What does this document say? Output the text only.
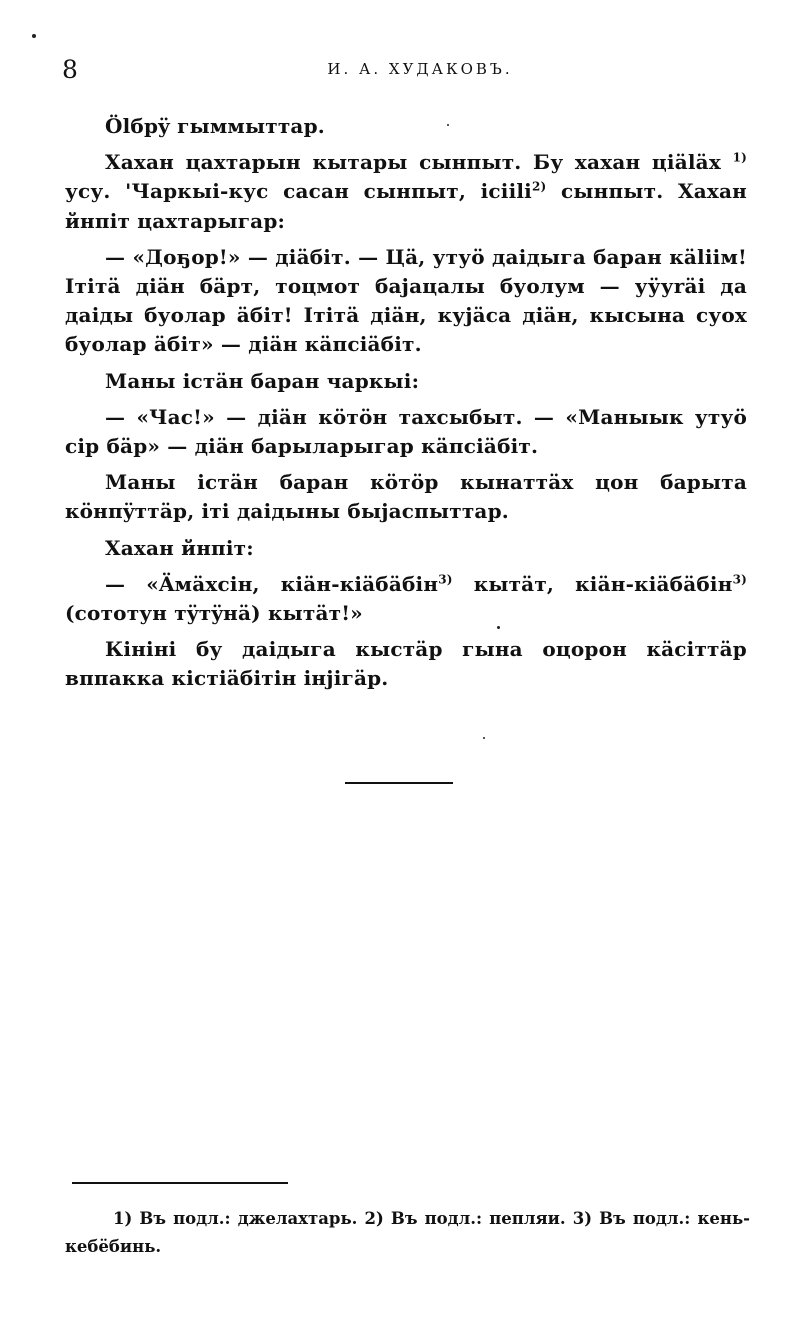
8	И. А. ХУДАКОВЪ.

Ölбрÿ гыммыттар.

Хахан цахтарын кытары сынпыт. Бу хахан цiäläх $^{1)}$ усу. 'Чаркыi-кус сасан сынпыт, iсiili$^{2)}$ сынпыт. Хахан йнпiт цахтарыгар:

— «Доҕор!» — дiäбiт. — Цä, утуö даiдыга баран кäliiм! Iтiтä дiäн бäрт, тоцмот бaјацалы буолум — уӱуrӓi да даiды буолар äбiт! Iтiтä дiäн, куjäса дiäн, кысына суох буолар äбiт» — дiäн кäпсiäбiт.

Маны iстäн баран чаркыi:

— «Час!» — дiäн кöтöн тахсыбыт. — «Маныык утуö сiр бäр» — дiäн барыларыгар кäпсiäбiт.

Маны iстäн баран кöтöр кынаттäх цон барыта кöнпÿттäр, iтi даiдыны быјаспыттар.

Хахан йнпiт:

— «Äмäхсiн, кiäн-кiäбäбiн$^{3)}$ кытäт, кiäн-кiäбäбiн$^{3)}$ (сототун тÿтÿнä) кытäт!»

Кiнiнi бу даiдыга кыстäр гына оцорон кäсiттäр вппакка кiстiäбiтiн iнјiгäр.

1) Въ подл.: джелахтарь. 2) Въ подл.: пепляи. 3) Въ подл.: кень-кебёбинь.
